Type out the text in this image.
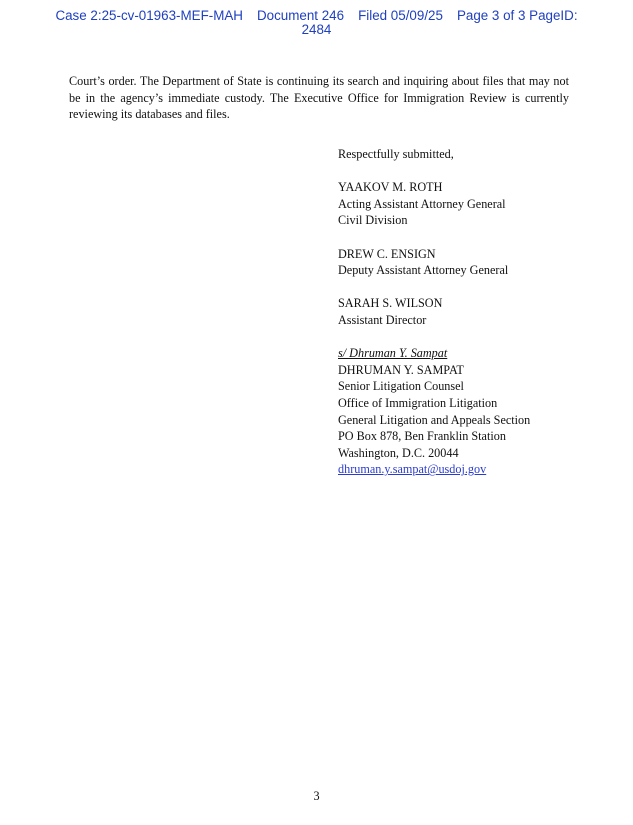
Case 2:25-cv-01963-MEF-MAH Document 246 Filed 05/09/25 Page 3 of 3 PageID:
2484

Court’s order. The Department of State is continuing its search and inquiring about files that may not be in the agency’s immediate custody. The Executive Office for Immigration Review is currently reviewing its databases and files.

Respectfully submitted,
YAAKOV M. ROTH
Acting Assistant Attorney General
Civil Division
DREW C. ENSIGN
Deputy Assistant Attorney General
SARAH S. WILSON
Assistant Director
s/ Dhruman Y. Sampat
DHRUMAN Y. SAMPAT
Senior Litigation Counsel
Office of Immigration Litigation
General Litigation and Appeals Section
PO Box 878, Ben Franklin Station
Washington, D.C. 20044
dhruman.y.sampat@usdoj.gov
3
